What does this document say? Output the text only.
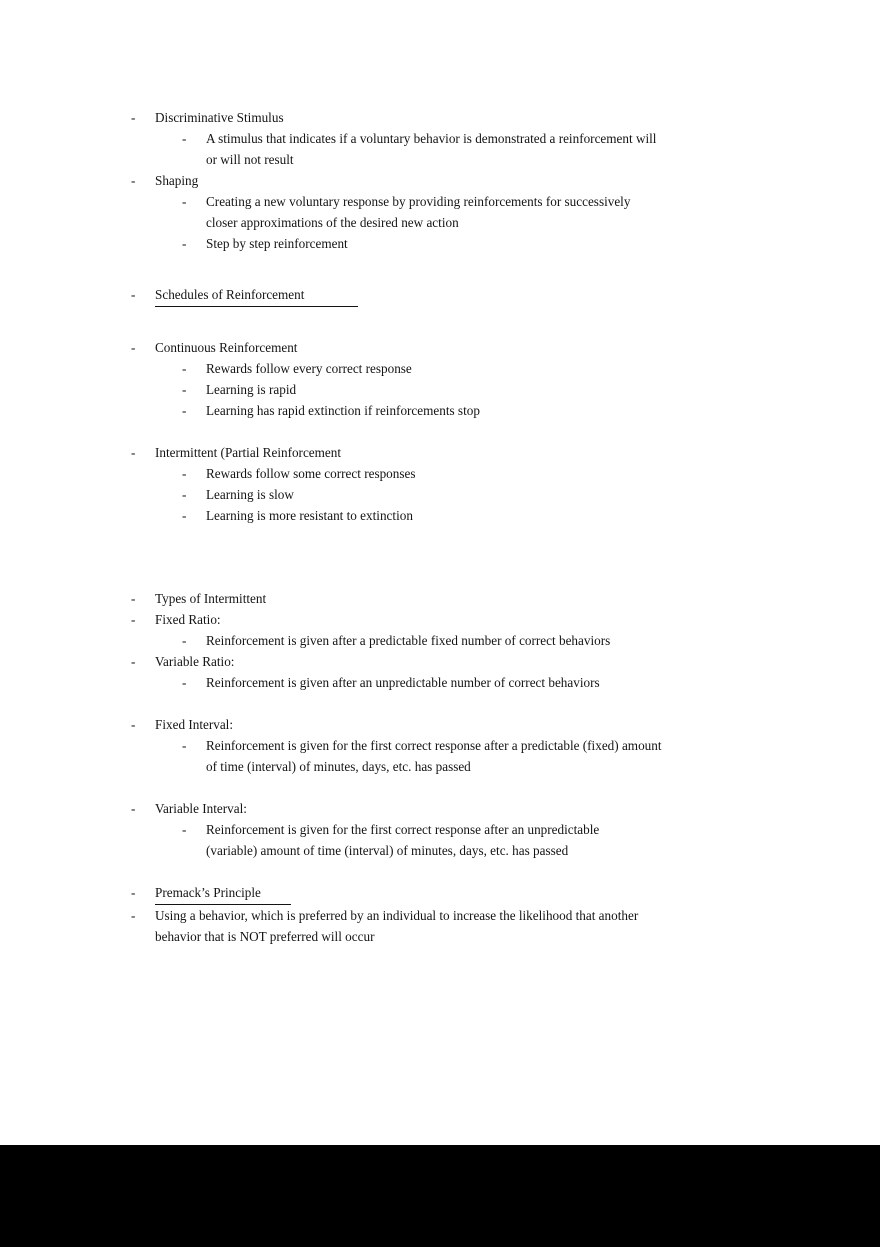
- Discriminative Stimulus
- A stimulus that indicates if a voluntary behavior is demonstrated a reinforcement will or will not result
- Shaping
- Creating a new voluntary response by providing reinforcements for successively closer approximations of the desired new action
- Step by step reinforcement
- Schedules of Reinforcement
- Continuous Reinforcement
- Rewards follow every correct response
- Learning is rapid
- Learning has rapid extinction if reinforcements stop
- Intermittent (Partial Reinforcement
- Rewards follow some correct responses
- Learning is slow
- Learning is more resistant to extinction
- Types of Intermittent
- Fixed Ratio:
- Reinforcement is given after a predictable fixed number of correct behaviors
- Variable Ratio:
- Reinforcement is given after an unpredictable number of correct behaviors
- Fixed Interval:
- Reinforcement is given for the first correct response after a predictable (fixed) amount of time (interval) of minutes, days, etc. has passed
- Variable Interval:
- Reinforcement is given for the first correct response after an unpredictable (variable) amount of time (interval) of minutes, days, etc. has passed
- Premack’s Principle
- Using a behavior, which is preferred by an individual to increase the likelihood that another behavior that is NOT preferred will occur
